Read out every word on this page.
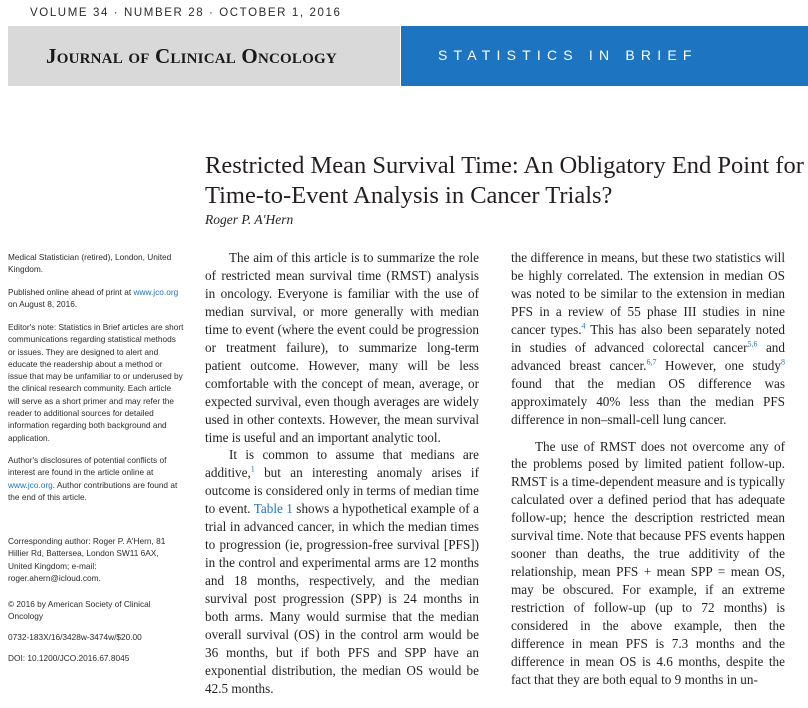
VOLUME 34 · NUMBER 28 · OCTOBER 1, 2016
Journal of Clinical Oncology	STATISTICS IN BRIEF
Restricted Mean Survival Time: An Obligatory End Point for Time-to-Event Analysis in Cancer Trials?
Roger P. A'Hern
Medical Statistician (retired), London, United Kingdom.
Published online ahead of print at www.jco.org on August 8, 2016.
Editor's note: Statistics in Brief articles are short communications regarding statistical methods or issues. They are designed to alert and educate the readership about a method or issue that may be unfamiliar to or underused by the clinical research community. Each article will serve as a short primer and may refer the reader to additional sources for detailed information regarding both background and application.
Author's disclosures of potential conflicts of interest are found in the article online at www.jco.org. Author contributions are found at the end of this article.
Corresponding author: Roger P. A'Hern, 81 Hillier Rd, Battersea, London SW11 6AX, United Kingdom; e-mail: roger.ahern@icloud.com.
© 2016 by American Society of Clinical Oncology
0732-183X/16/3428w-3474w/$20.00
DOI: 10.1200/JCO.2016.67.8045

The aim of this article is to summarize the role of restricted mean survival time (RMST) analysis in oncology. Everyone is familiar with the use of median survival, or more generally with median time to event (where the event could be progression or treatment failure), to summarize long-term patient outcome. However, many will be less comfortable with the concept of mean, average, or expected survival, even though averages are widely used in other contexts. However, the mean survival time is useful and an important analytic tool.

It is common to assume that medians are additive,$^1$ but an interesting anomaly arises if outcome is considered only in terms of median time to event. Table 1 shows a hypothetical example of a trial in advanced cancer, in which the median times to progression (ie, progression-free survival [PFS]) in the control and experimental arms are 12 months and 18 months, respectively, and the median survival post progression (SPP) is 24 months in both arms. Many would surmise that the median overall survival (OS) in the control arm would be 36 months, but if both PFS and SPP have an exponential distribution, the median OS would be 42.5 months.

the difference in means, but these two statistics will be highly correlated. The extension in median OS was noted to be similar to the extension in median PFS in a review of 55 phase III studies in nine cancer types.$^4$ This has also been separately noted in studies of advanced colorectal cancer$^{5,6}$ and advanced breast cancer.$^{6,7}$ However, one study$^8$ found that the median OS difference was approximately 40% less than the median PFS difference in non–small-cell lung cancer.

The use of RMST does not overcome any of the problems posed by limited patient follow-up. RMST is a time-dependent measure and is typically calculated over a defined period that has adequate follow-up; hence the description restricted mean survival time. Note that because PFS events happen sooner than deaths, the true additivity of the relationship, mean PFS + mean SPP = mean OS, may be obscured. For example, if an extreme restriction of follow-up (up to 72 months) is considered in the above example, then the difference in mean PFS is 7.3 months and the difference in mean OS is 4.6 months, despite the fact that they are both equal to 9 months in un-
